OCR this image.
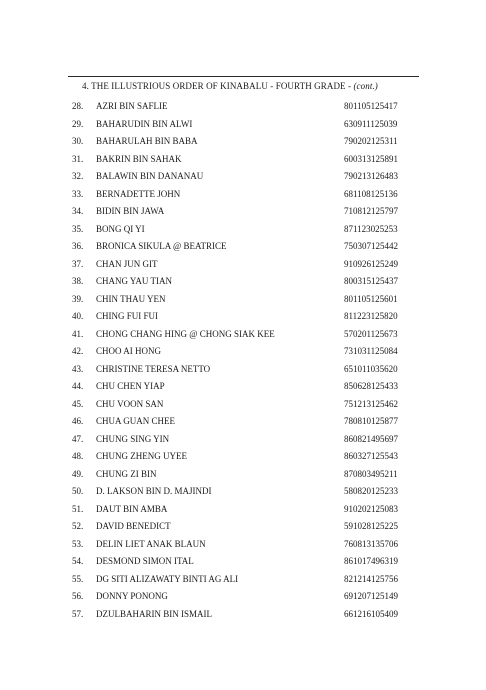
4. THE ILLUSTRIOUS ORDER OF KINABALU - FOURTH GRADE - (cont.)
28.	AZRI BIN SAFLIE	801105125417
29.	BAHARUDIN BIN ALWI	630911125039
30.	BAHARULAH BIN BABA	790202125311
31.	BAKRIN BIN SAHAK	600313125891
32.	BALAWIN BIN DANANAU	790213126483
33.	BERNADETTE JOHN	681108125136
34.	BIDIN BIN JAWA	710812125797
35.	BONG QI YI	871123025253
36.	BRONICA SIKULA @ BEATRICE	750307125442
37.	CHAN JUN GIT	910926125249
38.	CHANG YAU TIAN	800315125437
39.	CHIN THAU YEN	801105125601
40.	CHING FUI FUI	811223125820
41.	CHONG CHANG HING @ CHONG SIAK KEE	570201125673
42.	CHOO AI HONG	731031125084
43.	CHRISTINE TERESA NETTO	651011035620
44.	CHU CHEN YIAP	850628125433
45.	CHU VOON SAN	751213125462
46.	CHUA GUAN CHEE	780810125877
47.	CHUNG SING YIN	860821495697
48.	CHUNG ZHENG UYEE	860327125543
49.	CHUNG ZI BIN	870803495211
50.	D. LAKSON BIN D. MAJINDI	580820125233
51.	DAUT BIN AMBA	910202125083
52.	DAVID BENEDICT	591028125225
53.	DELIN LIET ANAK BLAUN	760813135706
54.	DESMOND SIMON ITAL	861017496319
55.	DG SITI ALIZAWATY BINTI AG ALI	821214125756
56.	DONNY PONONG	691207125149
57.	DZULBAHARIN BIN ISMAIL	661216105409
